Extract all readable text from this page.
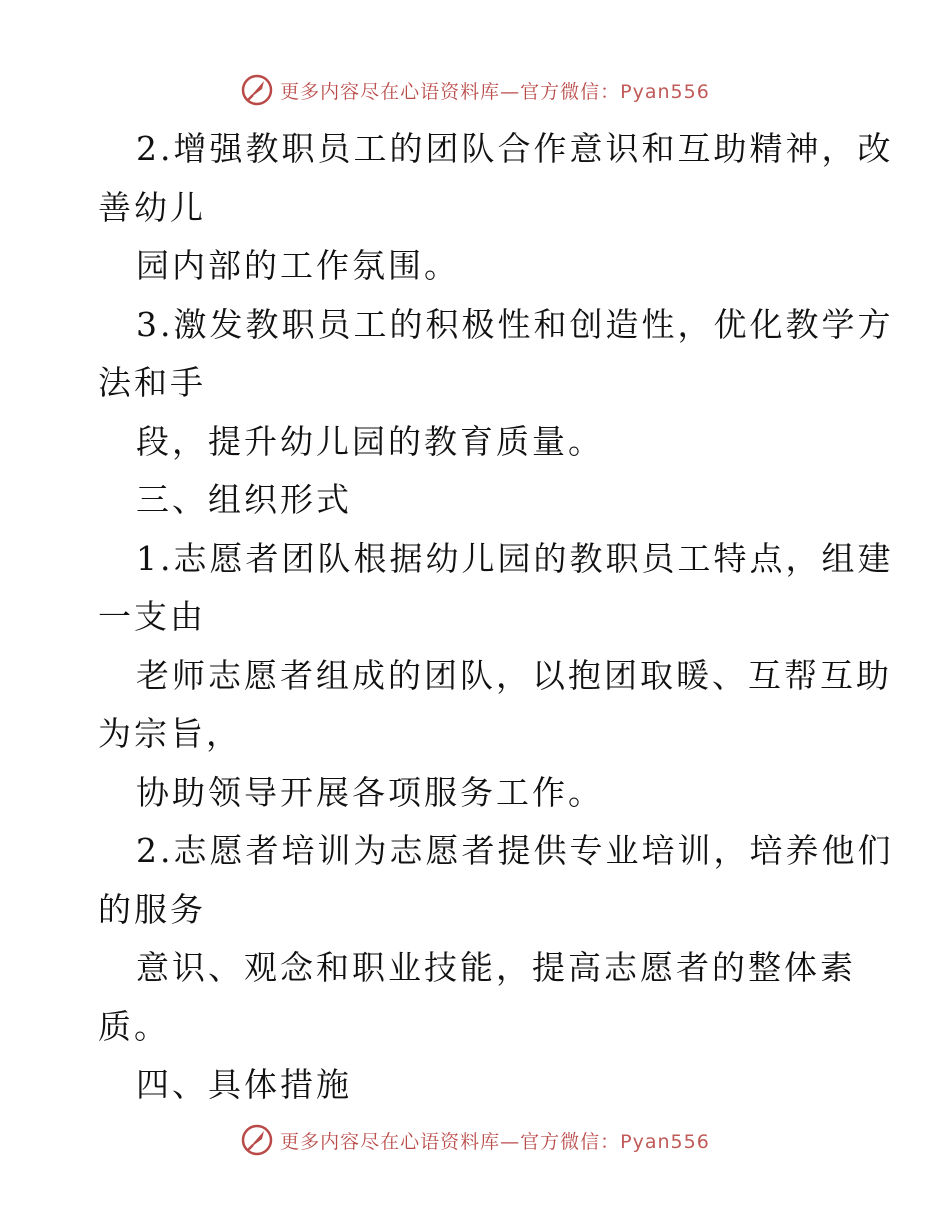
更多内容尽在心语资料库—官方微信：Pyan556
2.增强教职员工的团队合作意识和互助精神，改
善幼儿
园内部的工作氛围。
3.激发教职员工的积极性和创造性，优化教学方
法和手
段，提升幼儿园的教育质量。
三、组织形式
1.志愿者团队根据幼儿园的教职员工特点，组建
一支由
老师志愿者组成的团队，以抱团取暖、互帮互助
为宗旨，
协助领导开展各项服务工作。
2.志愿者培训为志愿者提供专业培训，培养他们
的服务
意识、观念和职业技能，提高志愿者的整体素
质。
四、具体措施
更多内容尽在心语资料库—官方微信：Pyan556
